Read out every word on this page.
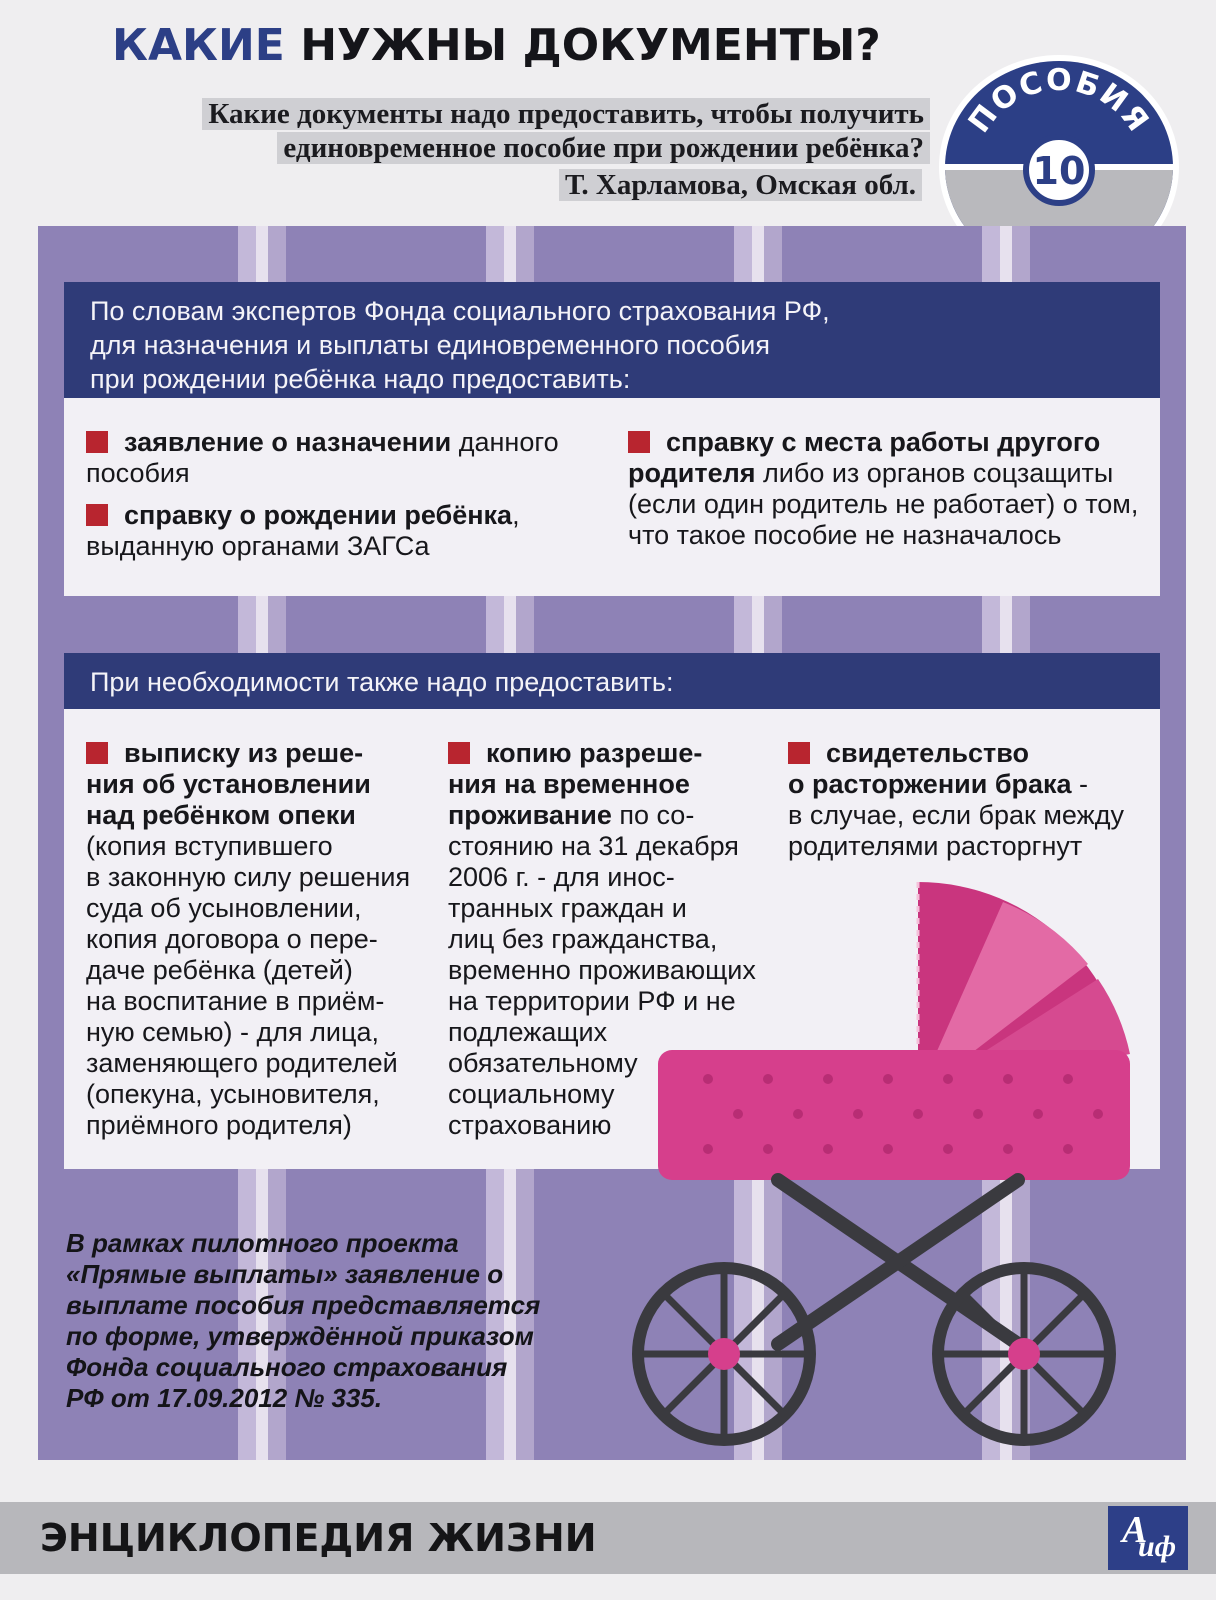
КАКИЕ НУЖНЫ ДОКУМЕНТЫ?
Какие документы надо предоставить, чтобы получить
единовременное пособие при рождении ребёнка?
Т. Харламова, Омская обл.
ПОСОБИЯ
10
По словам экспертов Фонда социального страхования РФ,
для назначения и выплаты единовременного пособия
при рождении ребёнка надо предоставить:
заявление о назначении данного
пособия
справку о рождении ребёнка,
выданную органами ЗАГСа
справку с места работы другого
родителя либо из органов соцзащиты
(если один родитель не работает) о том,
что такое пособие не назначалось
При необходимости также надо предоставить:
выписку из реше-
ния об установлении
над ребёнком опеки
(копия вступившего
в законную силу решения
суда об усыновлении,
копия договора о пере-
даче ребёнка (детей)
на воспитание в приём-
ную семью) - для лица,
заменяющего родителей
(опекуна, усыновителя,
приёмного родителя)
копию разреше-
ния на временное
проживание по со-
стоянию на 31 декабря
2006 г. - для инос-
транных граждан и
лиц без гражданства,
временно проживающих
на территории РФ и не
подлежащих
обязательному
социальному
страхованию
свидетельство
о расторжении брака -
в случае, если брак между
родителями расторгнут
В рамках пилотного проекта
«Прямые выплаты» заявление о
выплате пособия представляется
по форме, утверждённой приказом
Фонда социального страхования
РФ от 17.09.2012 № 335.
ЭНЦИКЛОПЕДИЯ ЖИЗНИ	А
иф
